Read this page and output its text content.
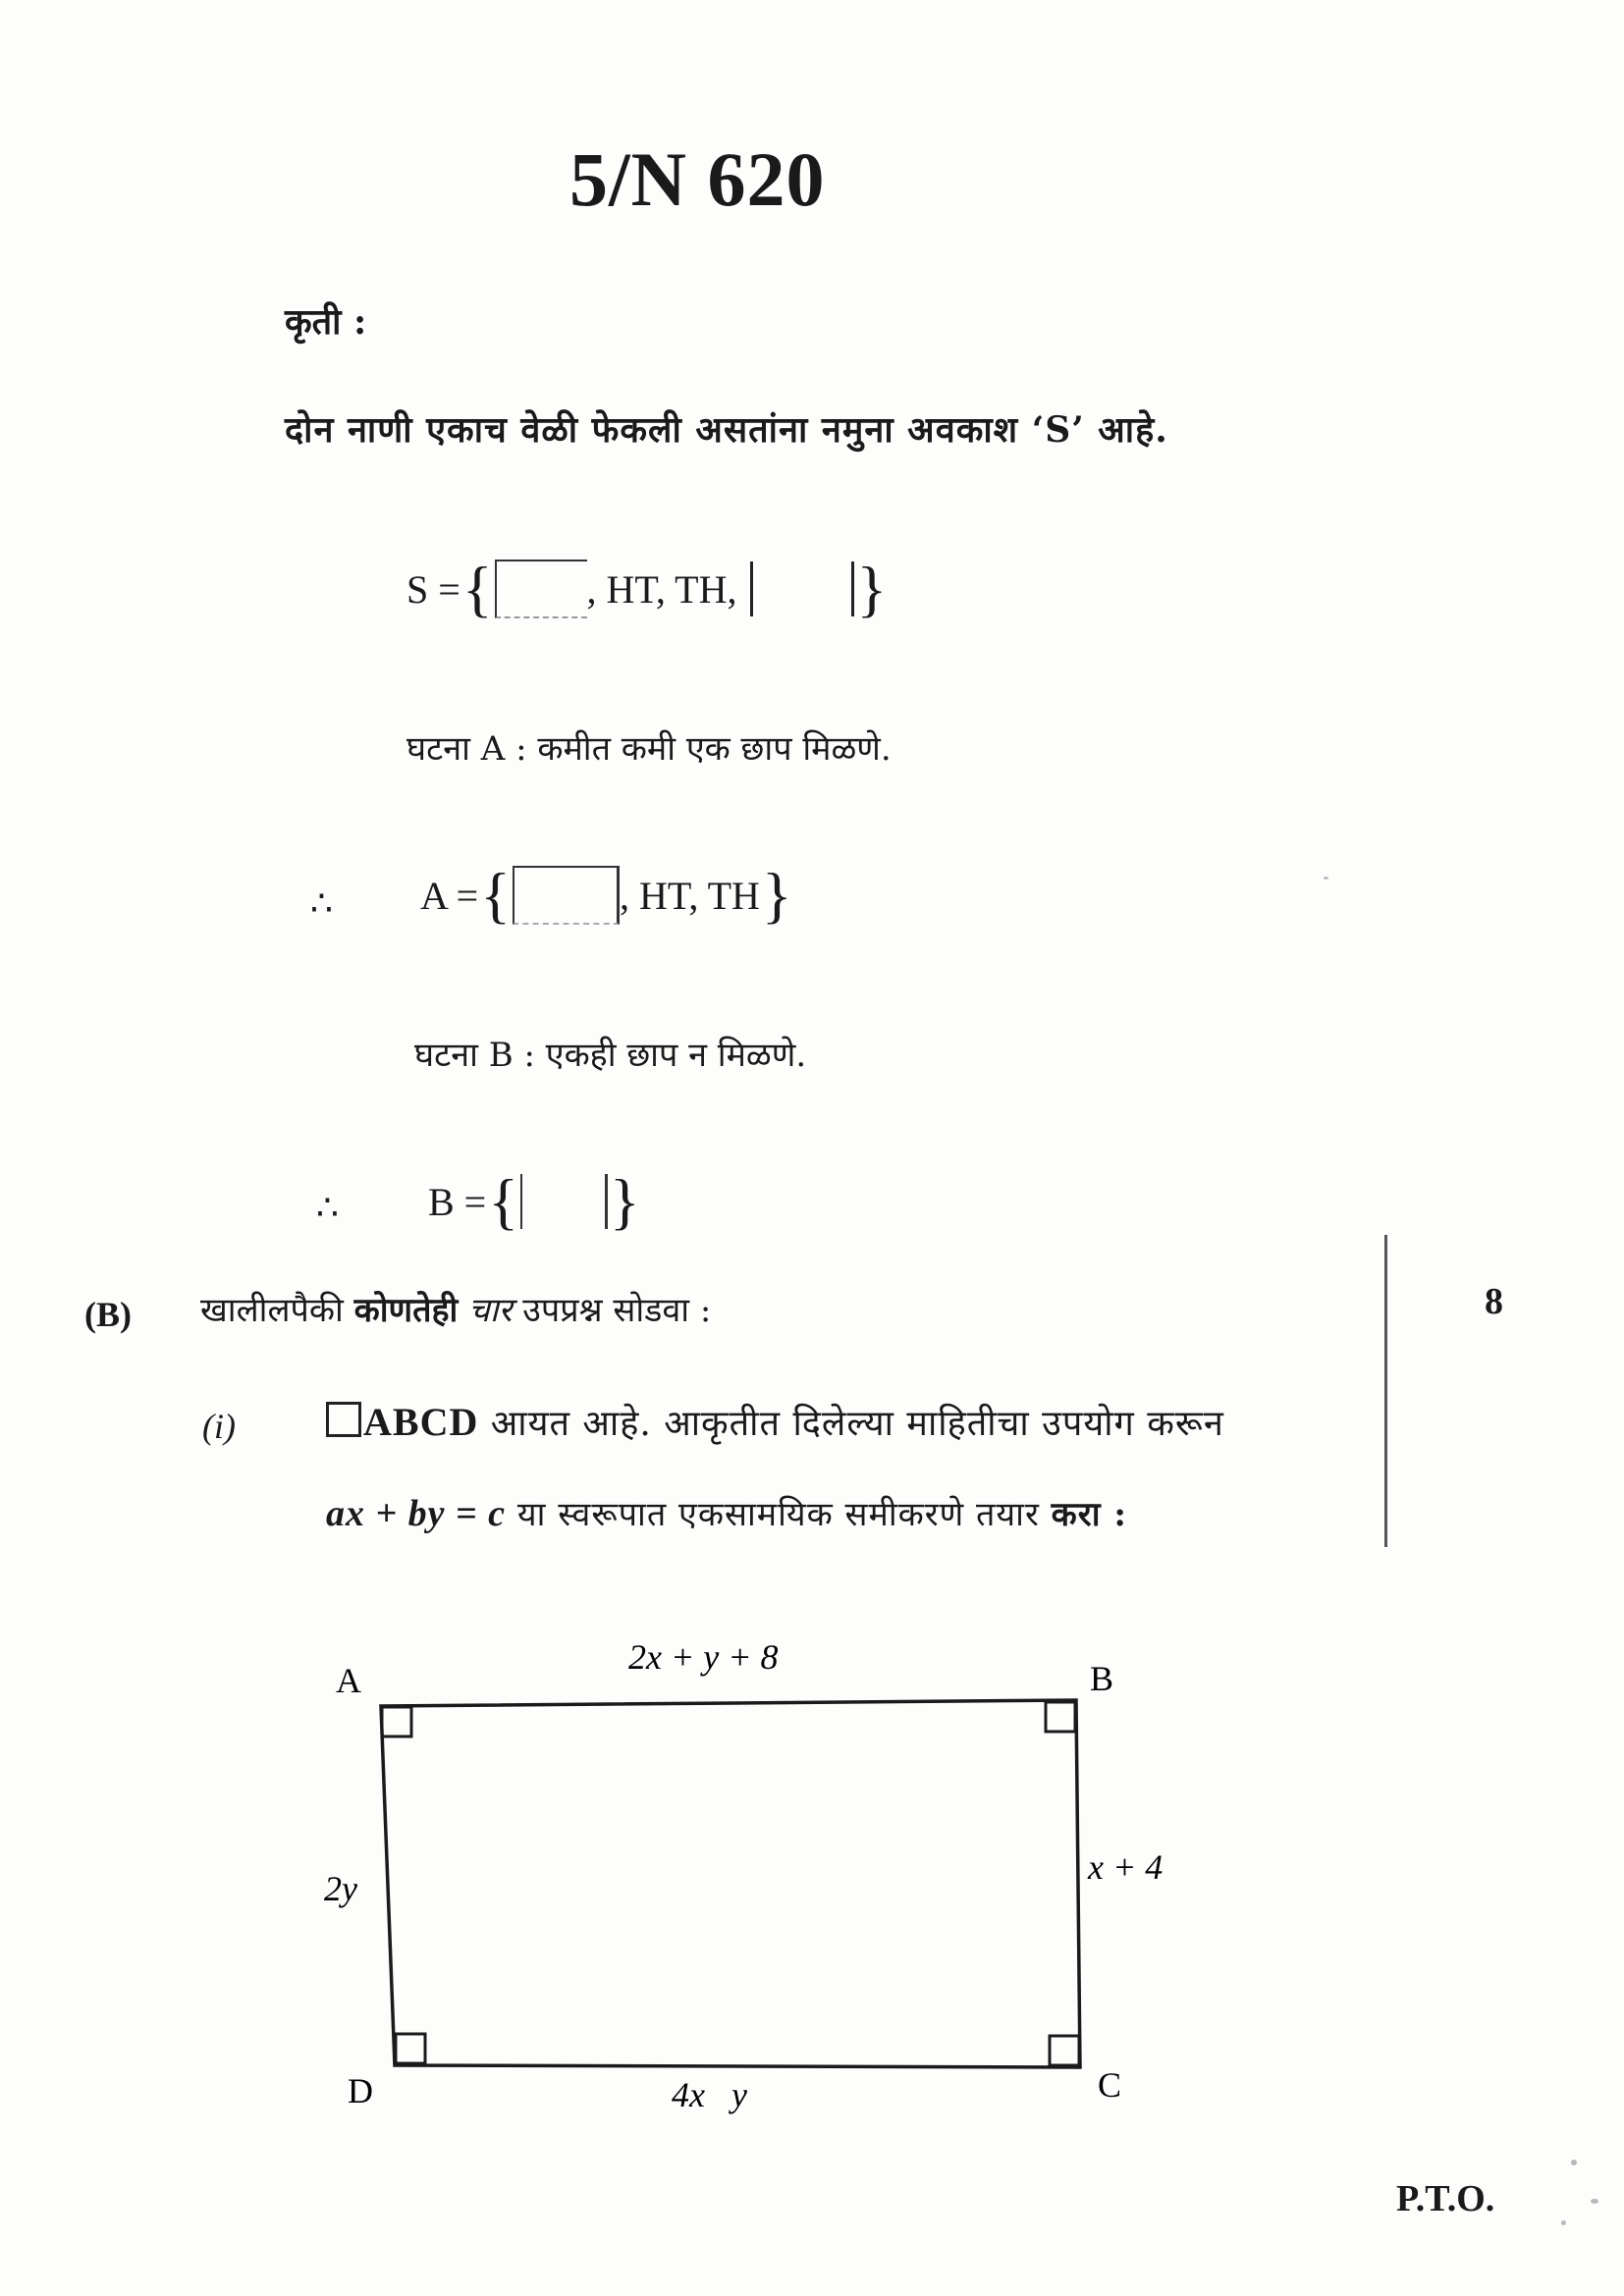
5/N 620
कृती :
दोन नाणी एकाच वेळी फेकली असतांना नमुना अवकाश ‘S’ आहे.
S = { , HT, TH, }
घटना A : कमीत कमी एक छाप मिळणे.
∴ A = {	, HT, TH }
घटना B : एकही छाप न मिळणे.
∴ B = { }
(B) खालीलपैकी कोणतेही चार उपप्रश्न सोडवा :	8
(i)	ABCD आयत आहे. आकृतीत दिलेल्या माहितीचा उपयोग करून
ax + by = c या स्वरूपात एकसामयिक समीकरणे तयार करा :
A	B
C
D
2x + y + 8
2y
x + 4
4x   y
P.T.O.
